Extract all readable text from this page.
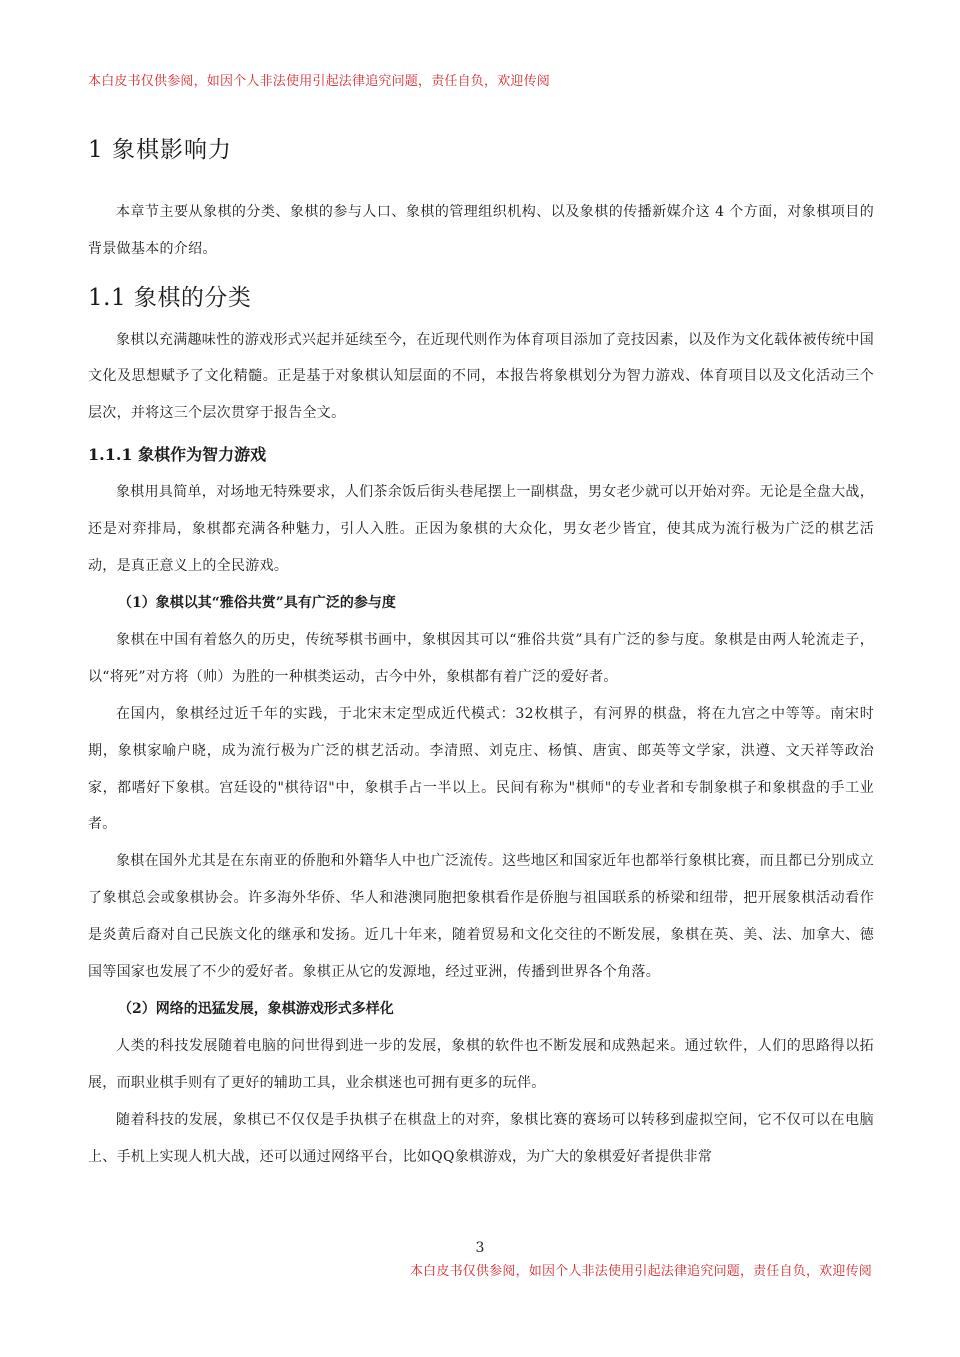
本白皮书仅供参阅，如因个人非法使用引起法律追究问题，责任自负，欢迎传阅
1 象棋影响力

本章节主要从象棋的分类、象棋的参与人口、象棋的管理组织机构、以及象棋的传播新媒介这 4 个方面，对象棋项目的背景做基本的介绍。

1.1 象棋的分类

象棋以充满趣味性的游戏形式兴起并延续至今，在近现代则作为体育项目添加了竞技因素，以及作为文化载体被传统中国文化及思想赋予了文化精髓。正是基于对象棋认知层面的不同，本报告将象棋划分为智力游戏、体育项目以及文化活动三个层次，并将这三个层次贯穿于报告全文。

1.1.1 象棋作为智力游戏

象棋用具简单，对场地无特殊要求，人们茶余饭后街头巷尾摆上一副棋盘，男女老少就可以开始对弈。无论是全盘大战，还是对弈排局，象棋都充满各种魅力，引人入胜。正因为象棋的大众化，男女老少皆宜，使其成为流行极为广泛的棋艺活动，是真正意义上的全民游戏。

（1）象棋以其“雅俗共赏”具有广泛的参与度

象棋在中国有着悠久的历史，传统琴棋书画中，象棋因其可以“雅俗共赏”具有广泛的参与度。象棋是由两人轮流走子，以“将死”对方将（帅）为胜的一种棋类运动，古今中外，象棋都有着广泛的爱好者。

在国内，象棋经过近千年的实践，于北宋末定型成近代模式：32枚棋子，有河界的棋盘，将在九宫之中等等。南宋时期，象棋家喻户晓，成为流行极为广泛的棋艺活动。李清照、刘克庄、杨慎、唐寅、郎英等文学家，洪遵、文天祥等政治家，都嗜好下象棋。宫廷设的"棋待诏"中，象棋手占一半以上。民间有称为"棋师"的专业者和专制象棋子和象棋盘的手工业者。

象棋在国外尤其是在东南亚的侨胞和外籍华人中也广泛流传。这些地区和国家近年也都举行象棋比赛，而且都已分别成立了象棋总会或象棋协会。许多海外华侨、华人和港澳同胞把象棋看作是侨胞与祖国联系的桥梁和纽带，把开展象棋活动看作是炎黄后裔对自己民族文化的继承和发扬。近几十年来，随着贸易和文化交往的不断发展，象棋在英、美、法、加拿大、德国等国家也发展了不少的爱好者。象棋正从它的发源地，经过亚洲，传播到世界各个角落。

（2）网络的迅猛发展，象棋游戏形式多样化

人类的科技发展随着电脑的问世得到进一步的发展，象棋的软件也不断发展和成熟起来。通过软件，人们的思路得以拓展，而职业棋手则有了更好的辅助工具，业余棋迷也可拥有更多的玩伴。

随着科技的发展，象棋已不仅仅是手执棋子在棋盘上的对弈，象棋比赛的赛场可以转移到虚拟空间，它不仅可以在电脑上、手机上实现人机大战，还可以通过网络平台，比如QQ象棋游戏，为广大的象棋爱好者提供非常

3
本白皮书仅供参阅，如因个人非法使用引起法律追究问题，责任自负，欢迎传阅
